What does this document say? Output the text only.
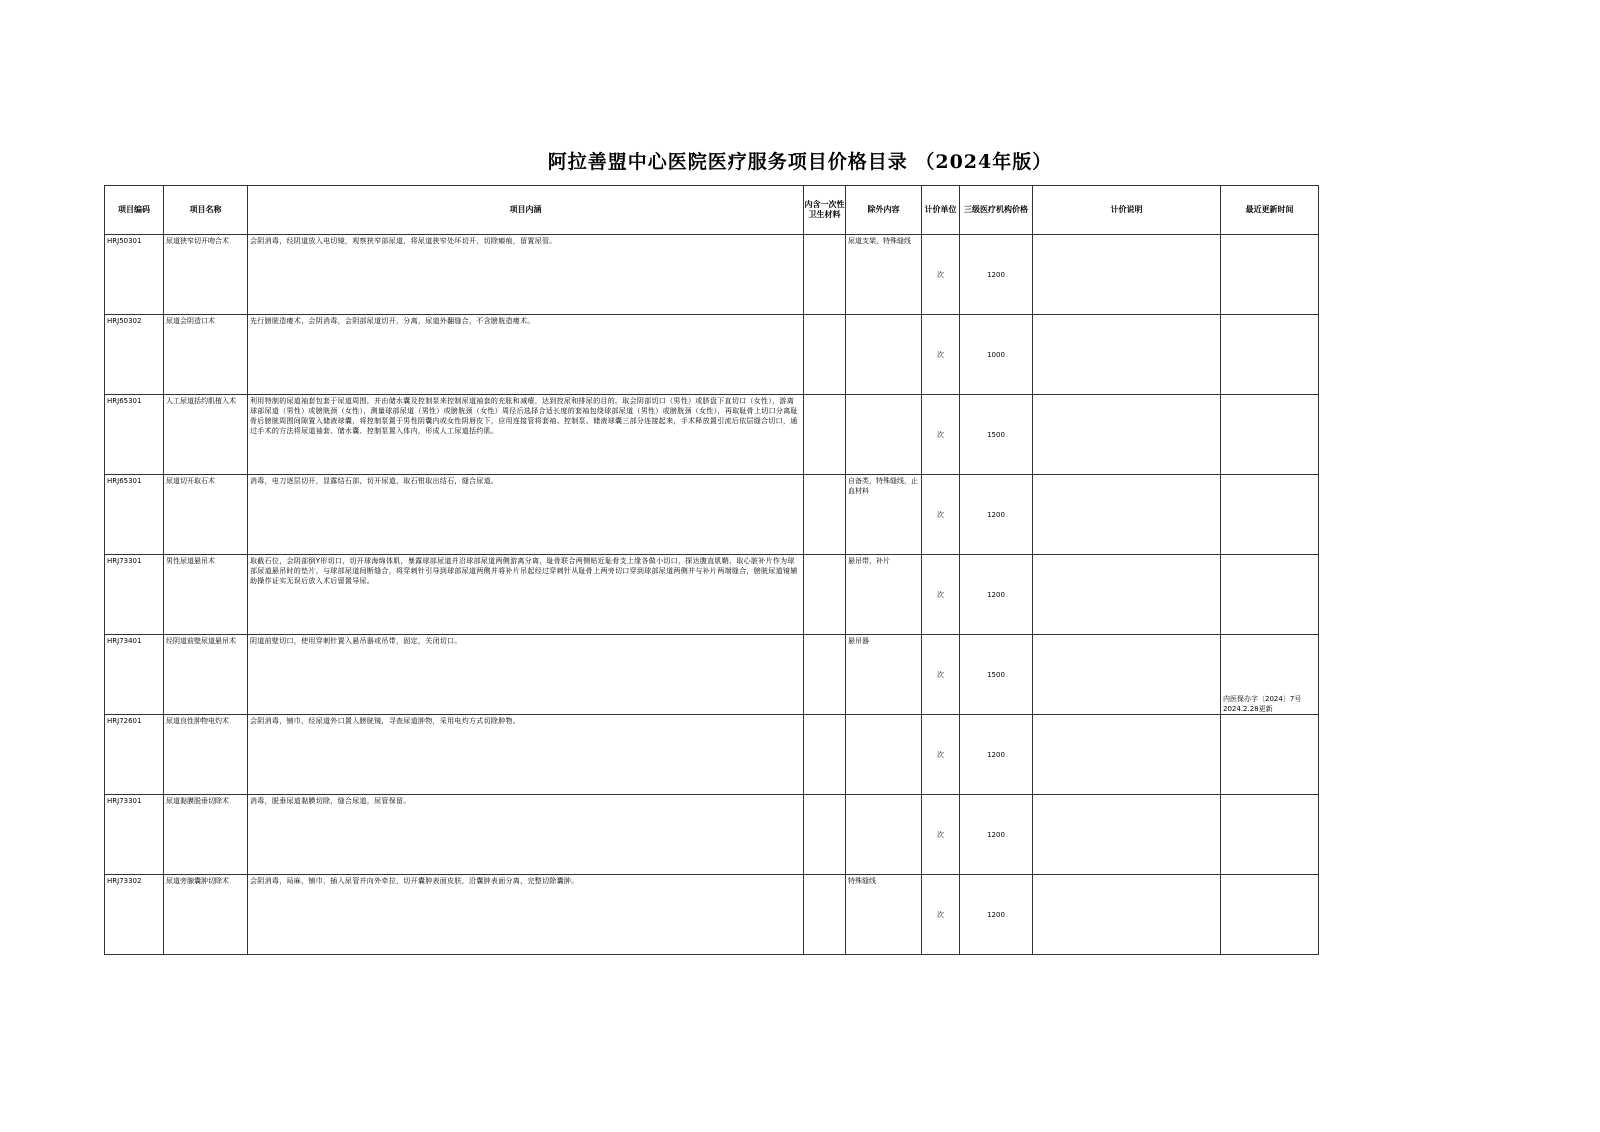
阿拉善盟中心医院医疗服务项目价格目录 （2024年版）
项目编码	项目名称	项目内涵	内含一次性卫生材料	除外内容	计价单位	三级医疗机构价格	计价说明	最近更新时间
HRJ50301	尿道狭窄切开吻合术	会阴消毒，经阴道放入电切镜，观察狭窄部尿道，将尿道狭窄处环切开，切除瘢痕，留置尿管。		尿道支架，特殊缝线	次	1200		
HRJ50302	尿道会阴造口术	先行膀胱造瘘术，会阴消毒，会阴部尿道切开，分离，尿道外翻缝合，不含膀胱造瘘术。			次	1000		
HRJ65301	人工尿道括约肌植入术	利用特制的尿道袖套包套于尿道周围，并由储水囊及控制泵来控制尿道袖套的充胀和减瘪，达到控尿和排尿的目的。取会阴部切口（男性）或脐盘下直切口（女性），游离球部尿道（男性）或膀胱颈（女性），测量球部尿道（男性）或膀胱颈（女性）周径后选择合适长度的套袖包绕球部尿道（男性）或膀胱颈（女性），再取耻骨上切口分离耻骨后膀胱周围间隙置入储液球囊，将控制泵置于男性阴囊内或女性阴唇皮下，应用连接管将套袖、控制泵、储液球囊三部分连接起来，手术释放置引流后依层缝合切口，通过手术的方法将尿道袖套、储水囊、控制泵置入体内，形成人工尿道括约肌。			次	1500		
HRJ65301	尿道切开取石术	消毒，电刀逐层切开，显露结石部，切开尿道，取石钳取出结石，缝合尿道。		自备类，特殊缝线，止血材料	次	1200		
HRJ73301	男性尿道悬吊术	取截石位，会阴部倒Y形切口，切开球海绵体肌，暴露球部尿道并沿球部尿道两侧游离分离，耻骨联合两侧贴近耻骨支上缘各做小切口，探达腹直肌鞘，取心脏补片作为球部尿道悬吊时的垫片，与球部尿道间断缝合，将穿刺针引导到球部尿道两侧并将补片吊起经过穿刺针从耻骨上两旁切口穿到球部尿道两侧并与补片两端缝合，膀胱尿道镜辅助操作证实无误后放入术后留置导尿。		悬吊带，补片	次	1200		
HRJ73401	经阴道前壁尿道悬吊术	阴道前壁切口，使用穿刺针置入悬吊器或吊带，固定，关闭切口。		悬吊器	次	1500		内医保办字〔2024〕7号 2024.2.28更新
HRJ72601	尿道良性肿物电灼术	会阴消毒，铺巾，经尿道外口置入膀胱镜，寻查尿道肿物，采用电灼方式切除肿物。			次	1200		
HRJ73301	尿道黏膜脱垂切除术	消毒，脱垂尿道黏膜切除，缝合尿道，尿管保留。			次	1200		
HRJ73302	尿道旁腺囊肿切除术	会阴消毒，局麻，铺巾，插入尿管并向外牵拉，切开囊肿表面皮肤，沿囊肿表面分离，完整切除囊肿。		特殊缝线	次	1200		
